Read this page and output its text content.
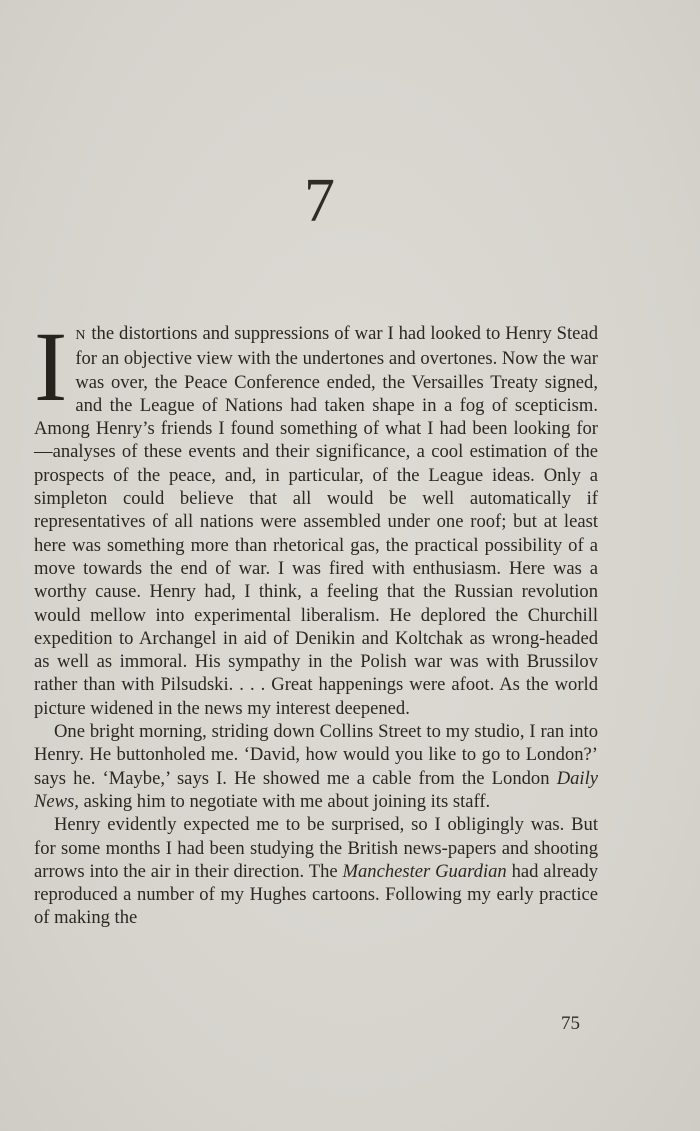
7

I N the distortions and suppressions of war I had looked to Henry Stead for an objective view with the undertones and overtones. Now the war was over, the Peace Conference ended, the Versailles Treaty signed, and the League of Nations had taken shape in a fog of scepticism. Among Henry’s friends I found something of what I had been looking for—analyses of these events and their significance, a cool estimation of the prospects of the peace, and, in particular, of the League ideas. Only a simpleton could believe that all would be well automatically if representatives of all nations were assembled under one roof; but at least here was something more than rhetorical gas, the practical possibility of a move towards the end of war. I was fired with enthusiasm. Here was a worthy cause. Henry had, I think, a feeling that the Russian revolution would mellow into experimental liberalism. He deplored the Churchill expedition to Archangel in aid of Denikin and Koltchak as wrong-headed as well as immoral. His sympathy in the Polish war was with Brussilov rather than with Pilsudski. . . . Great happenings were afoot. As the world picture widened in the news my interest deepened.

One bright morning, striding down Collins Street to my studio, I ran into Henry. He buttonholed me. ‘David, how would you like to go to London?’ says he. ‘Maybe,’ says I. He showed me a cable from the London Daily News, asking him to negotiate with me about joining its staff.

Henry evidently expected me to be surprised, so I obligingly was. But for some months I had been studying the British news-papers and shooting arrows into the air in their direction. The Manchester Guardian had already reproduced a number of my Hughes cartoons. Following my early practice of making the

75
